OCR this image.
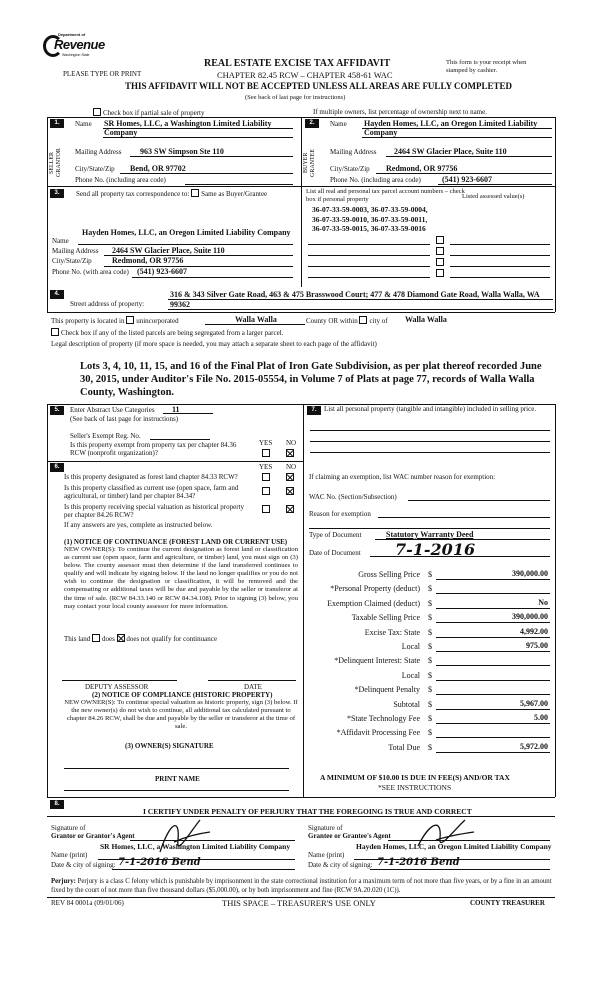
Department of
Revenue
Washington State
PLEASE TYPE OR PRINT
REAL ESTATE EXCISE TAX AFFIDAVIT
CHAPTER 82.45 RCW – CHAPTER 458-61 WAC
THIS AFFIDAVIT WILL NOT BE ACCEPTED UNLESS ALL AREAS ARE FULLY COMPLETED
(See back of last page for instructions)
This form is your receipt when stamped by cashier.
Check box if partial sale of property	If multiple owners, list percentage of ownership next to name.
1.	2.
SELLER GRANTOR
Name SR Homes, LLC, a Washington Limited Liability Company
Mailing Address 963 SW Simpson Ste 110
City/State/Zip Bend, OR 97702
Phone No. (including area code)
BUYER GRANTEE
Name Hayden Homes, LLC, an Oregon Limited Liability Company
Mailing Address 2464 SW Glacier Place, Suite 110
City/State/Zip Redmond, OR 97756
Phone No. (including area code)	(541) 923-6607
3.	Send all property tax correspondence to: Same as Buyer/Grantee	List all real and personal tax parcel account numbers – check box if personal property	Listed assessed value(s)
36-07-33-59-0003, 36-07-33-59-0004, 36-07-33-59-0010, 36-07-33-59-0011, 36-07-33-59-0015, 36-07-33-59-0016
Name
Hayden Homes, LLC, an Oregon Limited Liability Company
Mailing Address 2464 SW Glacier Place, Suite 110
City/State/Zip	Redmond, OR 97756
Phone No. (with area code) (541) 923-6607
4.
Street address of property:
316 & 343 Silver Gate Road, 463 & 475 Brasswood Court; 477 & 478 Diamond Gate Road, Walla Walla, WA 99362
This property is located in unincorporated	Walla Walla	County OR within city of Walla Walla
Check box if any of the listed parcels are being segregated from a larger parcel.
Legal description of property (if more space is needed, you may attach a separate sheet to each page of the affidavit)
Lots 3, 4, 10, 11, 15, and 16 of the Final Plat of Iron Gate Subdivision, as per plat thereof recorded June 30, 2015, under Auditor's File No. 2015-05554, in Volume 7 of Plats at page 77, records of Walla Walla County, Washington.
5.	7.
Enter Abstract Use Categories 11
(See back of last page for instructions)
Seller's Exempt Reg. No.
Is this property exempt from property tax per chapter 84.36 RCW (nonprofit organization)?
YES NO
List all personal property (tangible and intangible) included in selling price.
6.	YES NO
Is this property designated as forest land chapter 84.33 RCW?
Is this property classified as current use (open space, farm and agricultural, or timber) land per chapter 84.34?
Is this property receiving special valuation as historical property per chapter 84.26 RCW?
If any answers are yes, complete as instructed below.
(1) NOTICE OF CONTINUANCE (FOREST LAND OR CURRENT USE)
NEW OWNER(S): To continue the current designation as forest land or classification as current use (open space, farm and agriculture, or timber) land, you must sign on (3) below. The county assessor must then determine if the land transferred continues to qualify and will indicate by signing below. If the land no longer qualifies or you do not wish to continue the designation or classification, it will be removed and the compensating or additional taxes will be due and payable by the seller or transferor at the time of sale. (RCW 84.33.140 or RCW 84.34.108). Prior to signing (3) below, you may contact your local county assessor for more information.
This land does does not qualify for continuance
DEPUTY ASSESSOR	DATE
(2) NOTICE OF COMPLIANCE (HISTORIC PROPERTY)
NEW OWNER(S): To continue special valuation as historic property, sign (3) below. If the new owner(s) do not wish to continue, all additional tax calculated pursuant to chapter 84.26 RCW, shall be due and payable by the seller or transferor at the time of sale.
(3) OWNER(S) SIGNATURE
PRINT NAME
If claiming an exemption, list WAC number reason for exemption:
WAC No. (Section/Subsection)
Reason for exemption
Type of Document	Statutory Warranty Deed
Date of Document 7-1-2016
Gross Selling Price $	390,000.00
*Personal Property (deduct) $
Exemption Claimed (deduct) $	No
Taxable Selling Price $	390,000.00
Excise Tax: State $	4,992.00
Local $	975.00
*Delinquent Interest: State $
Local $
*Delinquent Penalty $
Subtotal $	5,967.00
*State Technology Fee $	5.00
*Affidavit Processing Fee $
Total Due $	5,972.00
A MINIMUM OF $10.00 IS DUE IN FEE(S) AND/OR TAX
*SEE INSTRUCTIONS
8.
I CERTIFY UNDER PENALTY OF PERJURY THAT THE FOREGOING IS TRUE AND CORRECT
Signature of
Grantor or Grantor's Agent
SR Homes, LLC, a Washington Limited Liability Company
Name (print)
Date & city of signing: 7-1-2016 Bend
Signature of
Grantee or Grantee's Agent
Hayden Homes, LLC, an Oregon Limited Liability Company
Name (print)
Date & city of signing: 7-1-2016 Bend
Perjury: Perjury is a class C felony which is punishable by imprisonment in the state correctional institution for a maximum term of not more than five years, or by a fine in an amount fixed by the court of not more than five thousand dollars ($5,000.00), or by both imprisonment and fine (RCW 9A.20.020 (1C)).
REV 84 0001a (09/01/06)	THIS SPACE – TREASURER'S USE ONLY	COUNTY TREASURER
